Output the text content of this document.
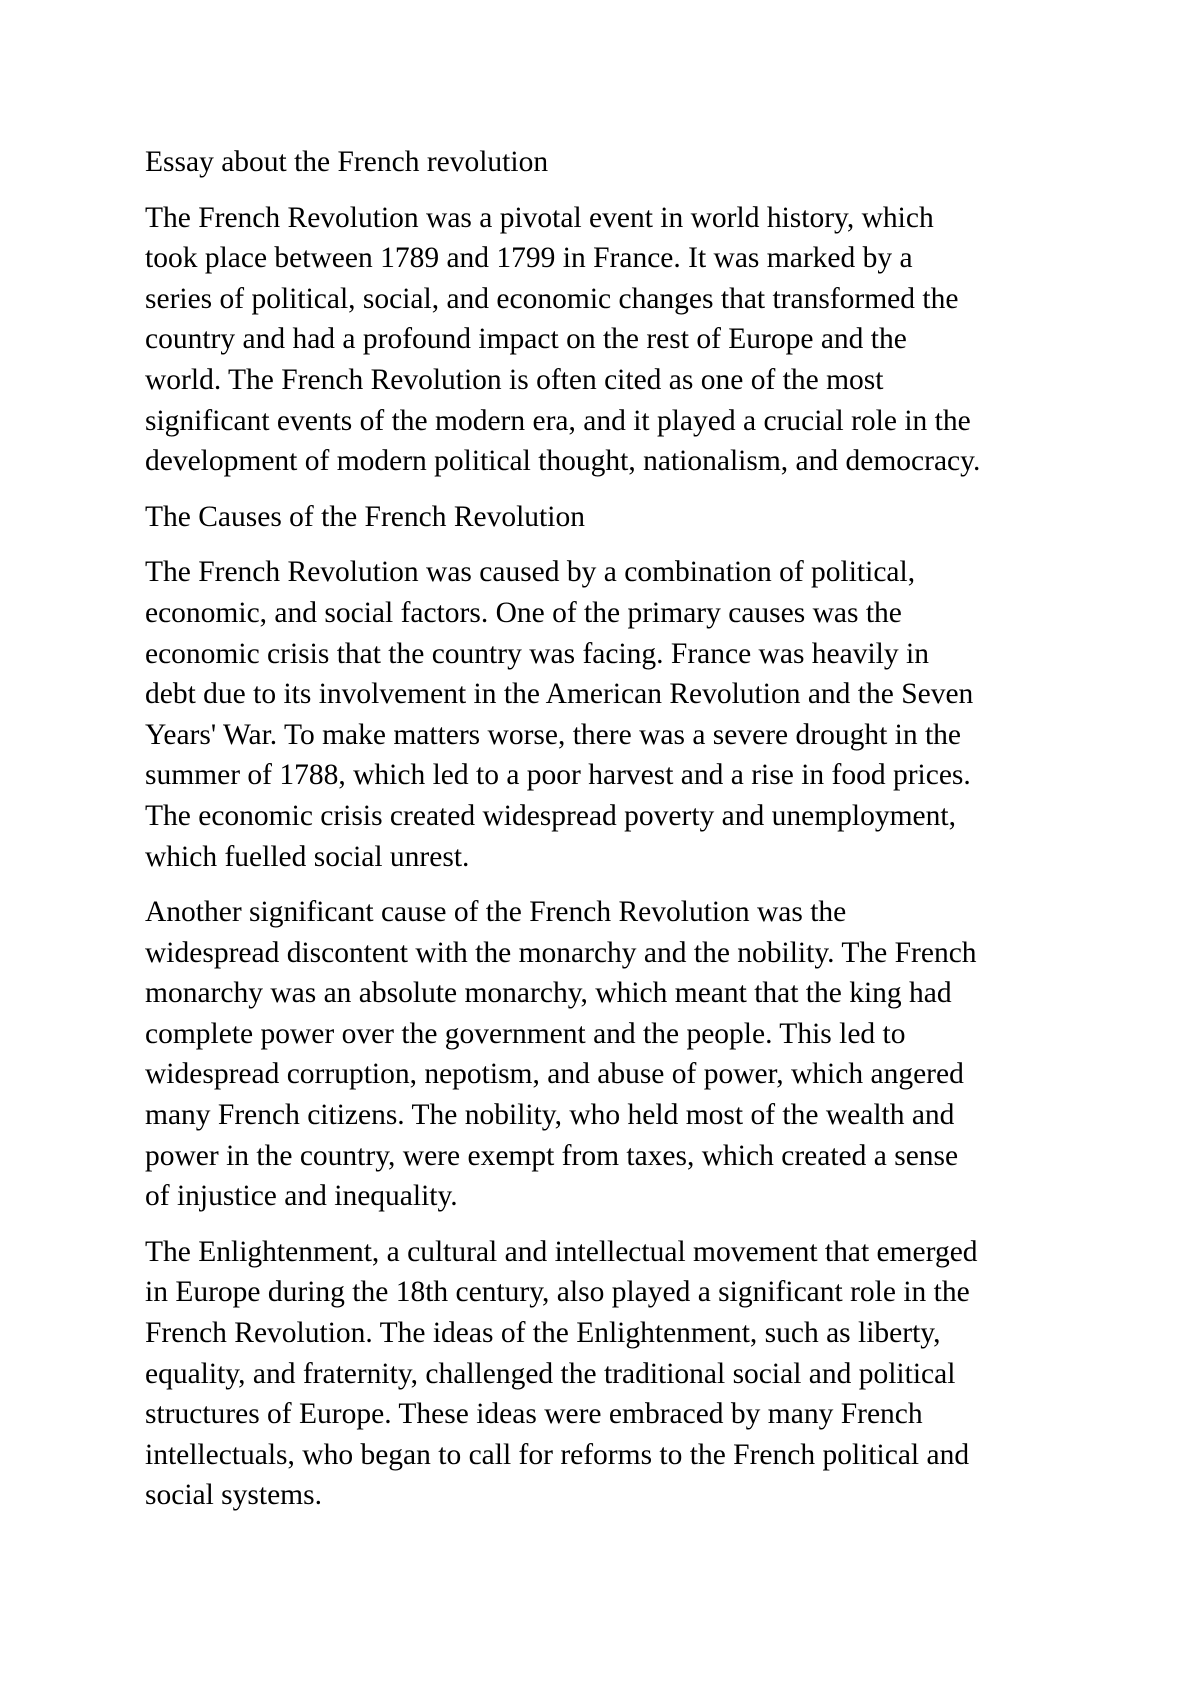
Essay about the French revolution

The French Revolution was a pivotal event in world history, which
took place between 1789 and 1799 in France. It was marked by a
series of political, social, and economic changes that transformed the
country and had a profound impact on the rest of Europe and the
world. The French Revolution is often cited as one of the most
significant events of the modern era, and it played a crucial role in the
development of modern political thought, nationalism, and democracy.

The Causes of the French Revolution

The French Revolution was caused by a combination of political,
economic, and social factors. One of the primary causes was the
economic crisis that the country was facing. France was heavily in
debt due to its involvement in the American Revolution and the Seven
Years' War. To make matters worse, there was a severe drought in the
summer of 1788, which led to a poor harvest and a rise in food prices.
The economic crisis created widespread poverty and unemployment,
which fuelled social unrest.

Another significant cause of the French Revolution was the
widespread discontent with the monarchy and the nobility. The French
monarchy was an absolute monarchy, which meant that the king had
complete power over the government and the people. This led to
widespread corruption, nepotism, and abuse of power, which angered
many French citizens. The nobility, who held most of the wealth and
power in the country, were exempt from taxes, which created a sense
of injustice and inequality.

The Enlightenment, a cultural and intellectual movement that emerged
in Europe during the 18th century, also played a significant role in the
French Revolution. The ideas of the Enlightenment, such as liberty,
equality, and fraternity, challenged the traditional social and political
structures of Europe. These ideas were embraced by many French
intellectuals, who began to call for reforms to the French political and
social systems.
